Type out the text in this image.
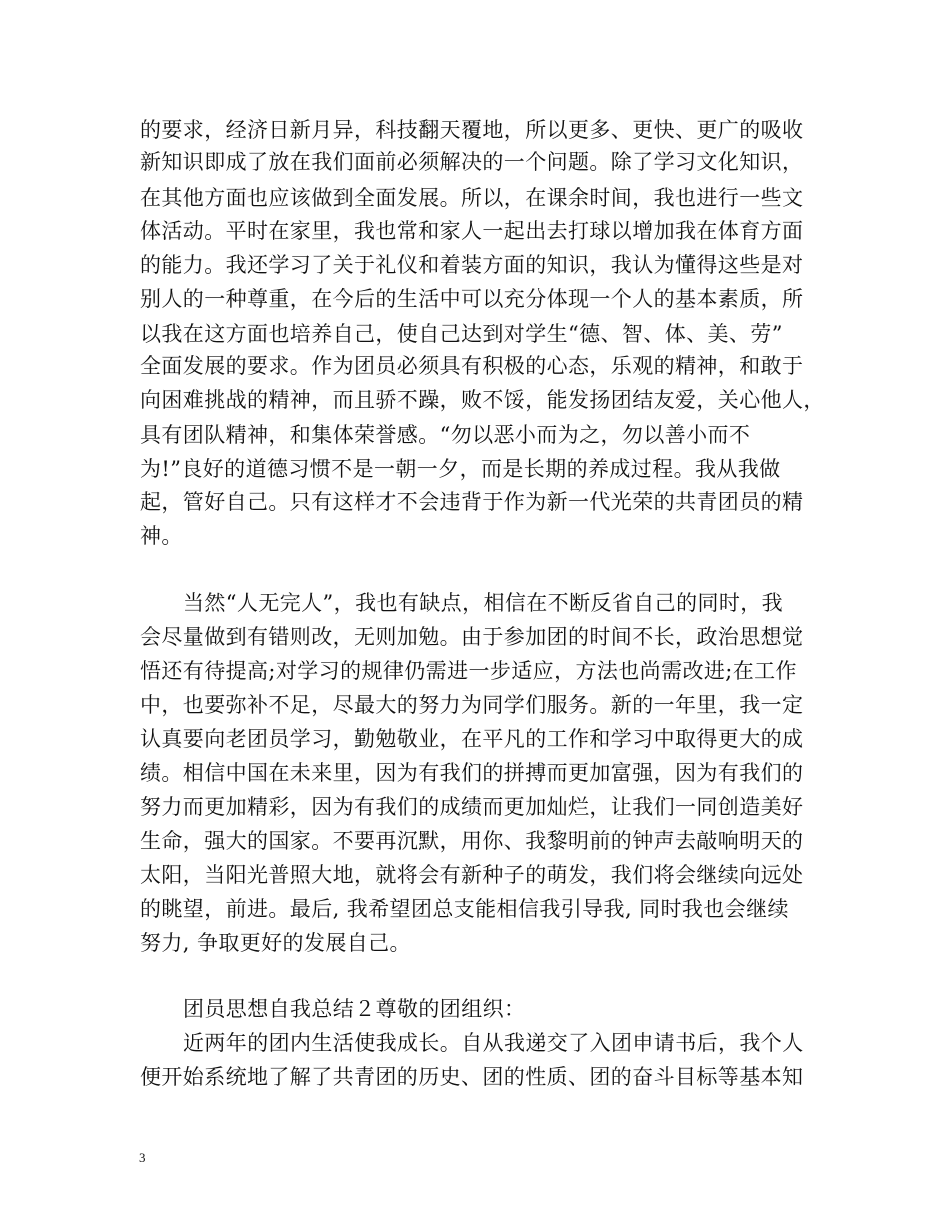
的要求，经济日新月异，科技翻天覆地，所以更多、更快、更广的吸收
新知识即成了放在我们面前必须解决的一个问题。除了学习文化知识，
在其他方面也应该做到全面发展。所以，在课余时间，我也进行一些文
体活动。平时在家里，我也常和家人一起出去打球以增加我在体育方面
的能力。我还学习了关于礼仪和着装方面的知识，我认为懂得这些是对
别人的一种尊重，在今后的生活中可以充分体现一个人的基本素质，所
以我在这方面也培养自己，使自己达到对学生“德、智、体、美、劳”
全面发展的要求。作为团员必须具有积极的心态，乐观的精神，和敢于
向困难挑战的精神，而且骄不躁，败不馁，能发扬团结友爱，关心他人，
具有团队精神，和集体荣誉感。“勿以恶小而为之，勿以善小而不
为!”良好的道德习惯不是一朝一夕，而是长期的养成过程。我从我做
起，管好自己。只有这样才不会违背于作为新一代光荣的共青团员的精
神。
当然“人无完人”，我也有缺点，相信在不断反省自己的同时，我
会尽量做到有错则改，无则加勉。由于参加团的时间不长，政治思想觉
悟还有待提高;对学习的规律仍需进一步适应，方法也尚需改进;在工作
中，也要弥补不足，尽最大的努力为同学们服务。新的一年里，我一定
认真要向老团员学习，勤勉敬业，在平凡的工作和学习中取得更大的成
绩。相信中国在未来里，因为有我们的拼搏而更加富强，因为有我们的
努力而更加精彩，因为有我们的成绩而更加灿烂，让我们一同创造美好
生命，强大的国家。不要再沉默，用你、我黎明前的钟声去敲响明天的
太阳，当阳光普照大地，就将会有新种子的萌发，我们将会继续向远处
的眺望，前进。最后, 我希望团总支能相信我引导我, 同时我也会继续
努力, 争取更好的发展自己。
团员思想自我总结２尊敬的团组织：
近两年的团内生活使我成长。自从我递交了入团申请书后，我个人
便开始系统地了解了共青团的历史、团的性质、团的奋斗目标等基本知
3
